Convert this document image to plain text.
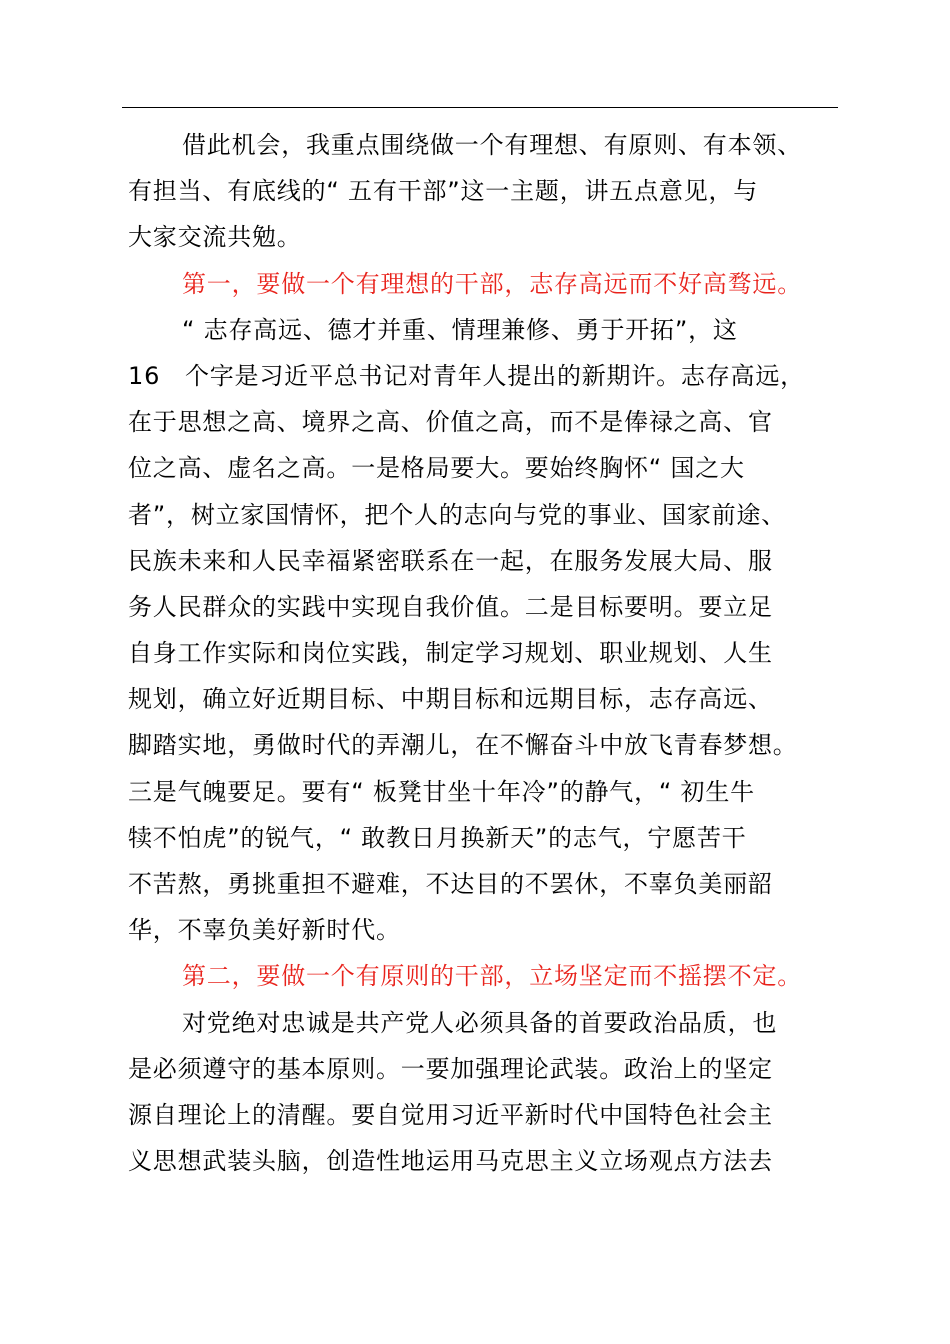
借此机会，我重点围绕做一个有理想、有原则、有本领、
有担当、有底线的“ 五有干部”这一主题，讲五点意见，与
大家交流共勉。
第一，要做一个有理想的干部，志存高远而不好高骛远。
“ 志存高远、德才并重、情理兼修、勇于开拓”，这
16　个字是习近平总书记对青年人提出的新期许。志存高远，
在于思想之高、境界之高、价值之高，而不是俸禄之高、官
位之高、虚名之高。一是格局要大。要始终胸怀“ 国之大
者”，树立家国情怀，把个人的志向与党的事业、国家前途、
民族未来和人民幸福紧密联系在一起，在服务发展大局、服
务人民群众的实践中实现自我价值。二是目标要明。要立足
自身工作实际和岗位实践，制定学习规划、职业规划、人生
规划，确立好近期目标、中期目标和远期目标，志存高远、
脚踏实地，勇做时代的弄潮儿，在不懈奋斗中放飞青春梦想。
三是气魄要足。要有“ 板凳甘坐十年冷”的静气，“ 初生牛
犊不怕虎”的锐气，“ 敢教日月换新天”的志气，宁愿苦干
不苦熬，勇挑重担不避难，不达目的不罢休，不辜负美丽韶
华，不辜负美好新时代。
第二，要做一个有原则的干部，立场坚定而不摇摆不定。
对党绝对忠诚是共产党人必须具备的首要政治品质，也
是必须遵守的基本原则。一要加强理论武装。政治上的坚定
源自理论上的清醒。要自觉用习近平新时代中国特色社会主
义思想武装头脑，创造性地运用马克思主义立场观点方法去
